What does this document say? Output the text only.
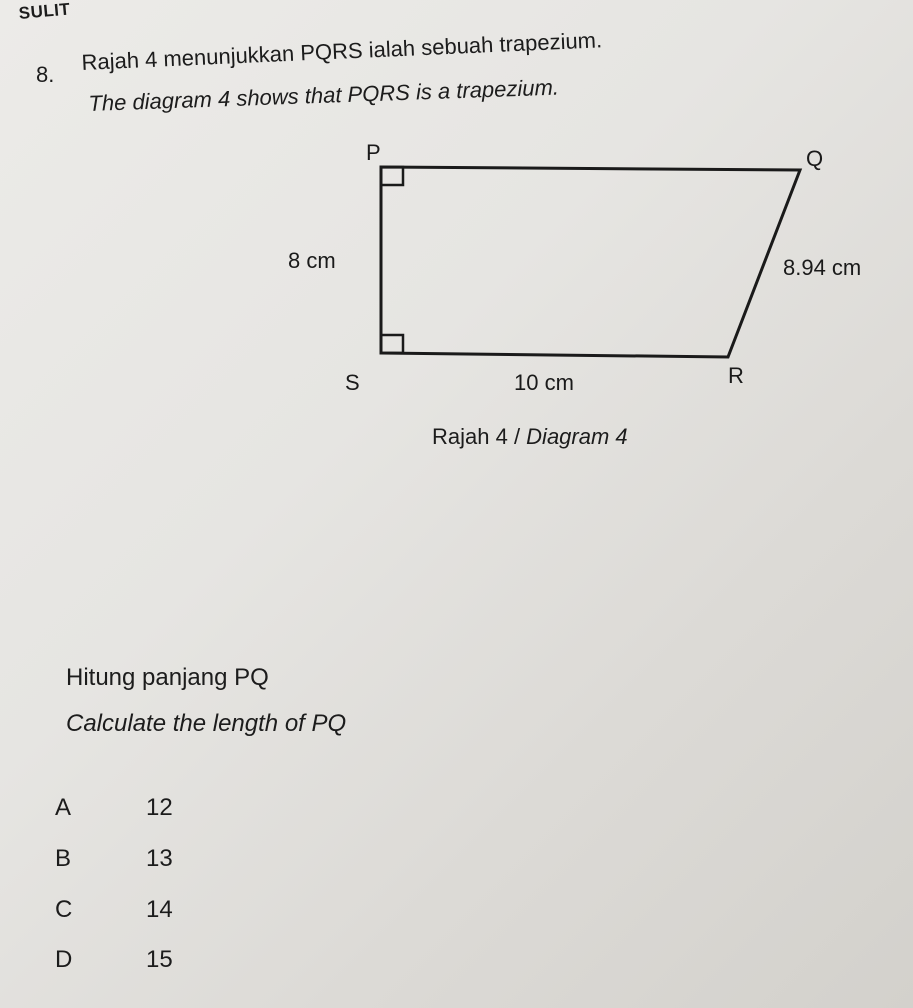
SULIT
8. Rajah 4 menunjukkan PQRS ialah sebuah trapezium.
The diagram 4 shows that PQRS is a trapezium.
P	Q
R
S
8 cm	8.94 cm
10 cm
Rajah 4 / Diagram 4
Hitung panjang PQ
Calculate the length of PQ
A	12
B	13
C	14
D	15
